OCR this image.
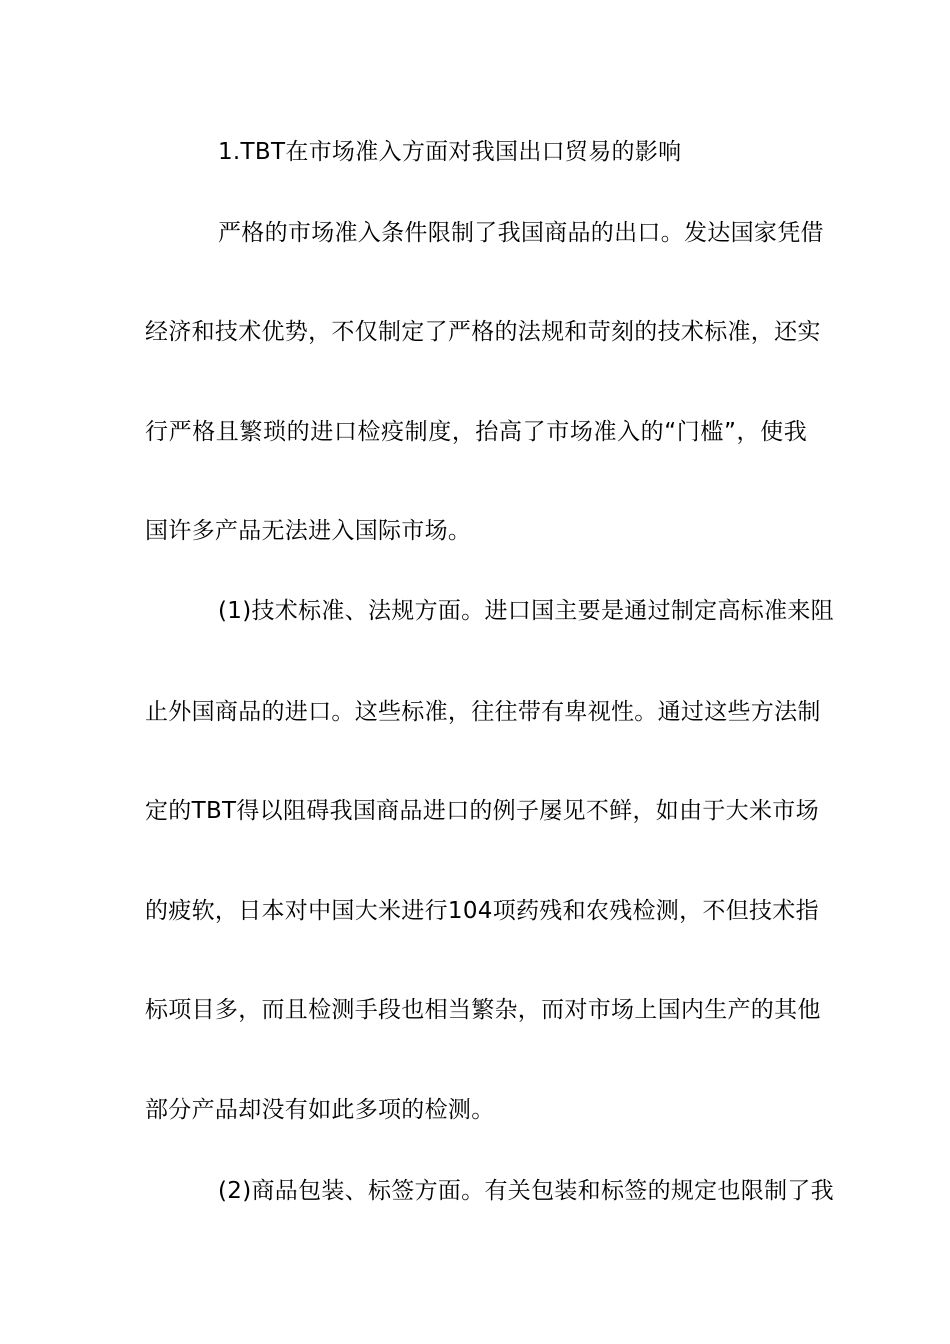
1.TBT在市场准入方面对我国出口贸易的影响
严格的市场准入条件限制了我国商品的出口。发达国家凭借
经济和技术优势，不仅制定了严格的法规和苛刻的技术标准，还实
行严格且繁琐的进口检疫制度，抬高了市场准入的“门槛”，使我
国许多产品无法进入国际市场。
(1)技术标准、法规方面。进口国主要是通过制定高标准来阻
止外国商品的进口。这些标准，往往带有卑视性。通过这些方法制
定的TBT得以阻碍我国商品进口的例子屡见不鲜，如由于大米市场
的疲软，日本对中国大米进行104项药残和农残检测，不但技术指
标项目多，而且检测手段也相当繁杂，而对市场上国内生产的其他
部分产品却没有如此多项的检测。
(2)商品包装、标签方面。有关包装和标签的规定也限制了我
